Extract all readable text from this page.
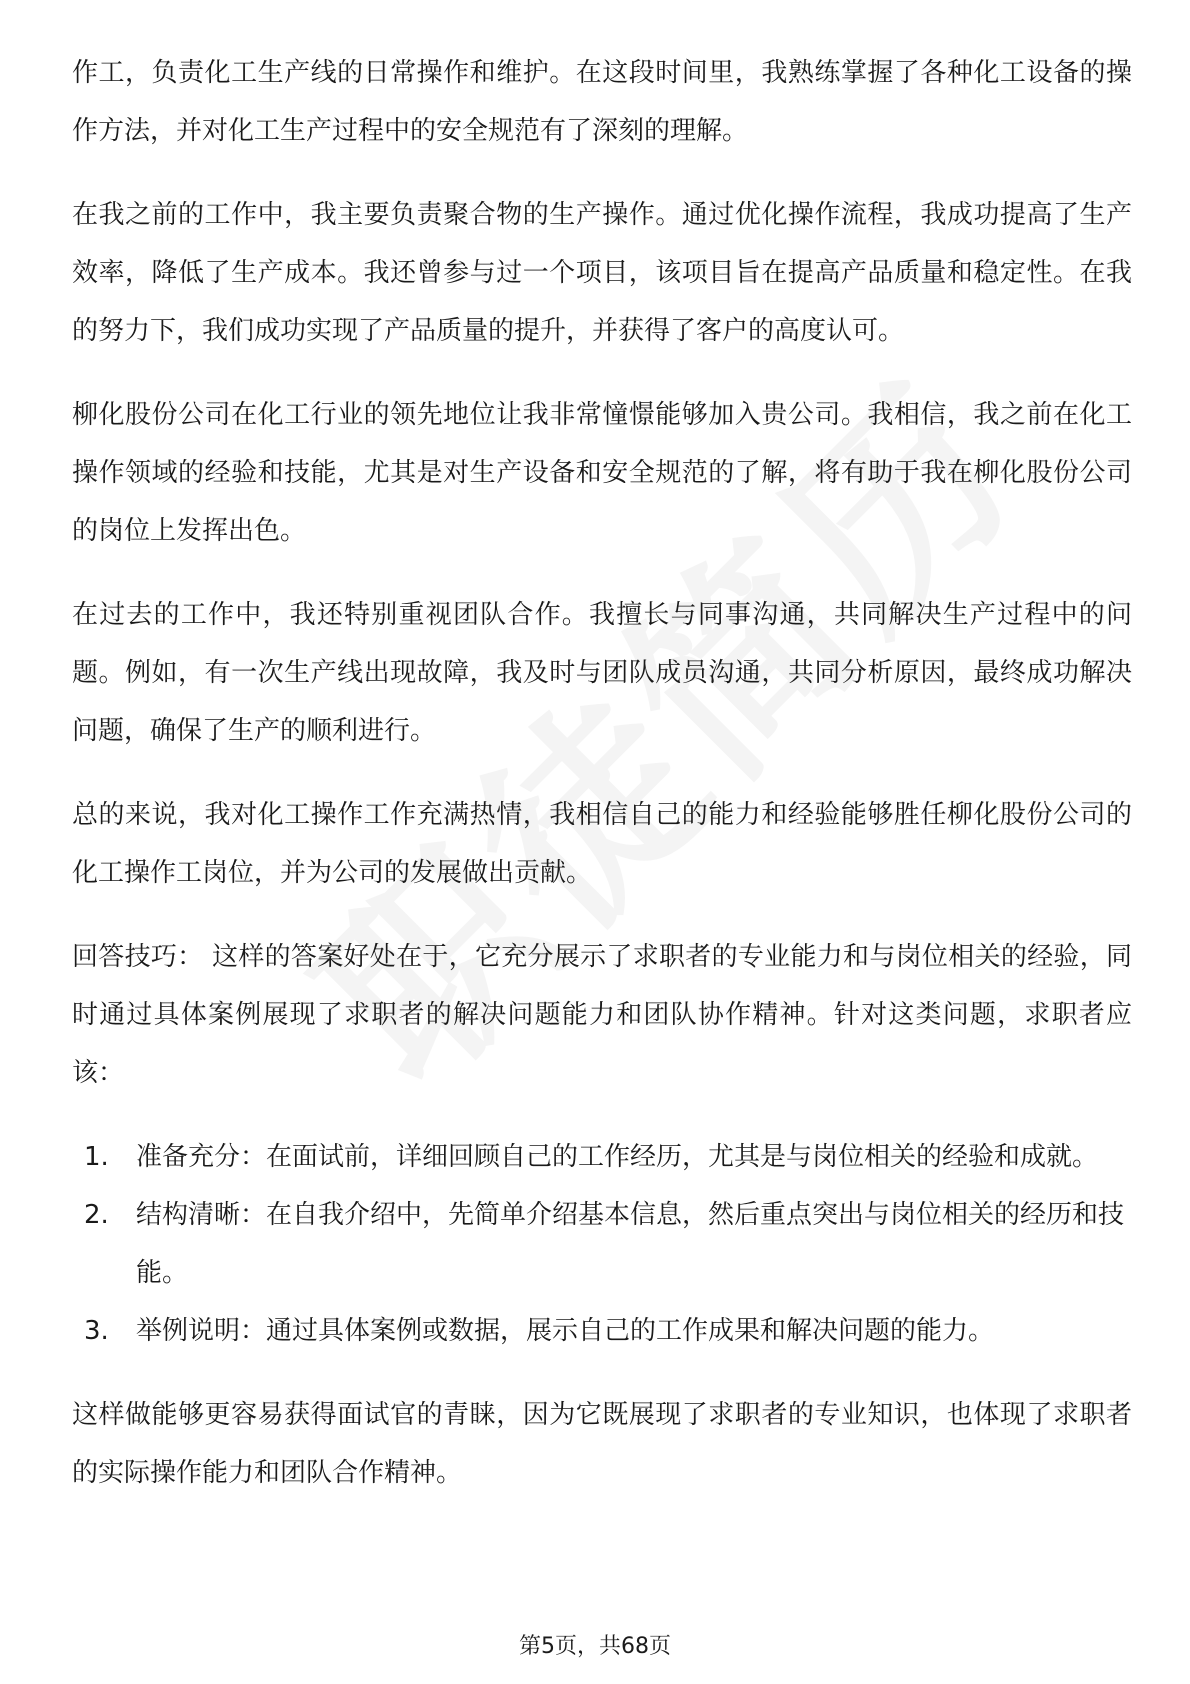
作工，负责化工生产线的日常操作和维护。在这段时间里，我熟练掌握了各种化工设备的操作方法，并对化工生产过程中的安全规范有了深刻的理解。

在我之前的工作中，我主要负责聚合物的生产操作。通过优化操作流程，我成功提高了生产效率，降低了生产成本。我还曾参与过一个项目，该项目旨在提高产品质量和稳定性。在我的努力下，我们成功实现了产品质量的提升，并获得了客户的高度认可。

柳化股份公司在化工行业的领先地位让我非常憧憬能够加入贵公司。我相信，我之前在化工操作领域的经验和技能，尤其是对生产设备和安全规范的了解，将有助于我在柳化股份公司的岗位上发挥出色。

在过去的工作中，我还特别重视团队合作。我擅长与同事沟通，共同解决生产过程中的问题。例如，有一次生产线出现故障，我及时与团队成员沟通，共同分析原因，最终成功解决问题，确保了生产的顺利进行。

总的来说，我对化工操作工作充满热情，我相信自己的能力和经验能够胜任柳化股份公司的化工操作工岗位，并为公司的发展做出贡献。

回答技巧： 这样的答案好处在于，它充分展示了求职者的专业能力和与岗位相关的经验，同时通过具体案例展现了求职者的解决问题能力和团队协作精神。针对这类问题，求职者应该：

1. 准备充分：在面试前，详细回顾自己的工作经历，尤其是与岗位相关的经验和成就。
2. 结构清晰：在自我介绍中，先简单介绍基本信息，然后重点突出与岗位相关的经历和技能。
3. 举例说明：通过具体案例或数据，展示自己的工作成果和解决问题的能力。

这样做能够更容易获得面试官的青睐，因为它既展现了求职者的专业知识，也体现了求职者的实际操作能力和团队合作精神。

第5页，共68页
